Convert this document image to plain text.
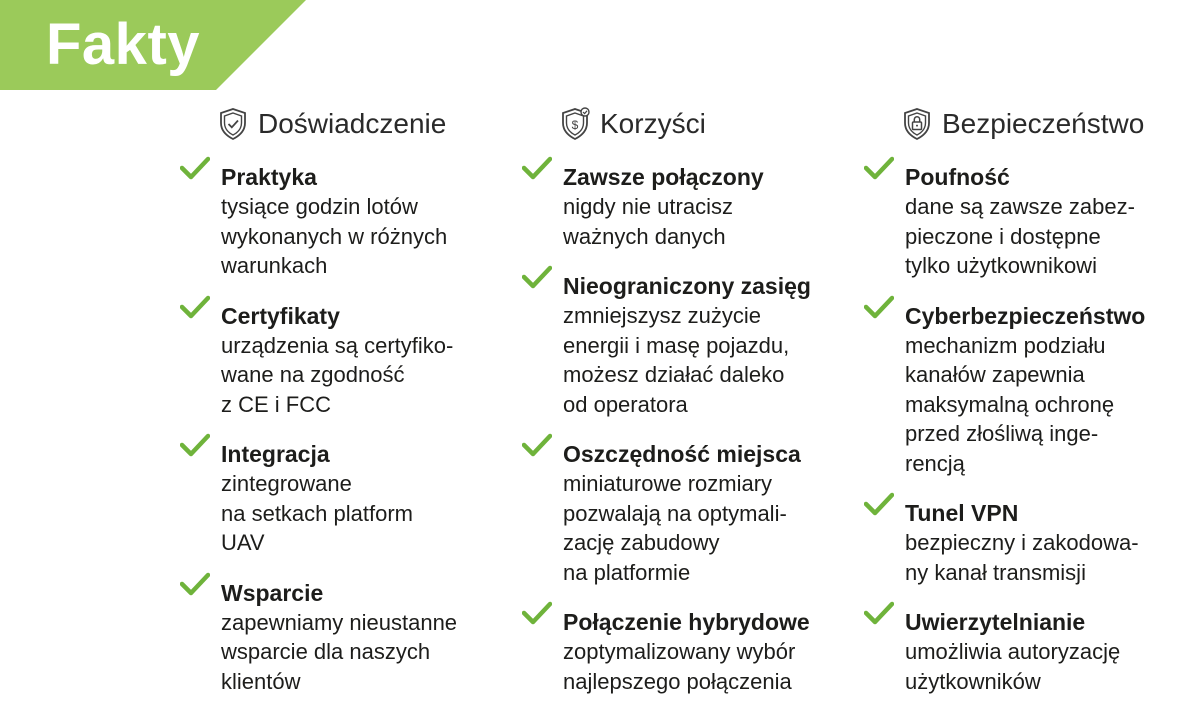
Fakty
Doświadczenie
Praktyka
tysiące godzin lotów
wykonanych w różnych
warunkach
Certyfikaty
urządzenia są certyfiko-
wane na zgodność
z CE i FCC
Integracja
zintegrowane
na setkach platform
UAV
Wsparcie
zapewniamy nieustanne
wsparcie dla naszych
klientów
$ Korzyści
Zawsze połączony
nigdy nie utracisz
ważnych danych
Nieograniczony zasięg
zmniejszysz zużycie
energii i masę pojazdu,
możesz działać daleko
od operatora
Oszczędność miejsca
miniaturowe rozmiary
pozwalają na optymali-
zację zabudowy
na platformie
Połączenie hybrydowe
zoptymalizowany wybór
najlepszego połączenia
Bezpieczeństwo
Poufność
dane są zawsze zabez-
pieczone i dostępne
tylko użytkownikowi
Cyberbezpieczeństwo
mechanizm podziału
kanałów zapewnia
maksymalną ochronę
przed złośliwą inge-
rencją
Tunel VPN
bezpieczny i zakodowa-
ny kanał transmisji
Uwierzytelnianie
umożliwia autoryzację
użytkowników
